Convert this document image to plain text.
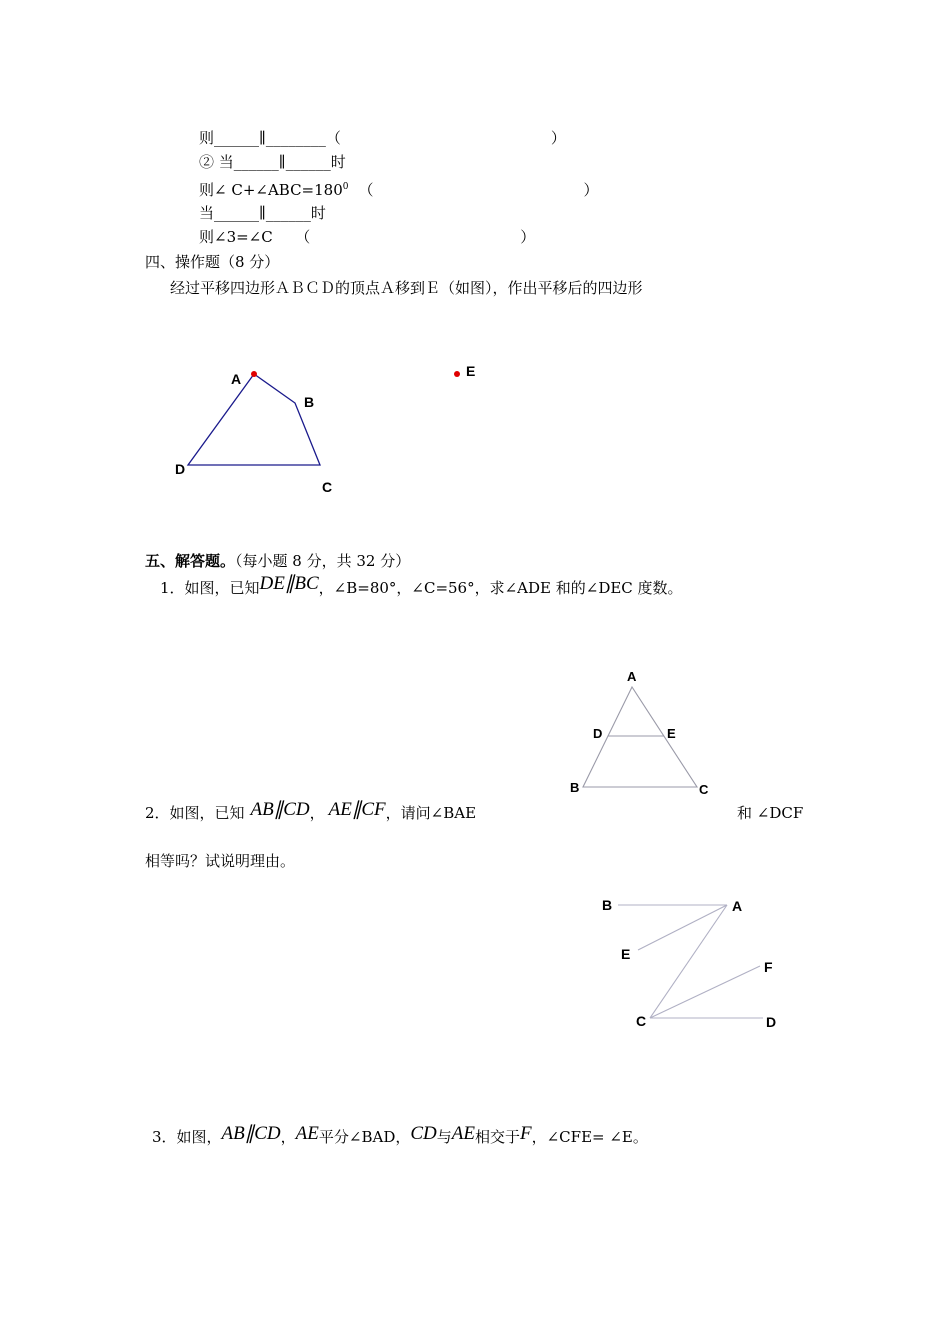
则______∥________（　　　　　　　　　　　　　　）
② 当______∥______时
则∠ $C+\angle ABC=180^0$ （　　　　　　　　　　　　　　）
当______∥______时
则∠3=∠C　　（　　　　　　　　　　　　　　）
四、操作题（8 分）
经过平移四边形ＡＢＣＤ的顶点Ａ移到Ｅ（如图），作出平移后的四边形
A
B
C
D
E
五、解答题。（每小题 8 分，共 32 分）
1．如图，已知DE∥BC，∠B=80°，∠C=56°，求∠ADE 和的∠DEC 度数。
A
D	E
B	C
2．如图，已知 AB∥CD， AE∥CF，请问∠BAE	和 ∠DCF
相等吗？试说明理由。
B	A
E
F
C	D
3．如图，AB∥CD，AE平分∠BAD，CD与AE相交于F，∠CFE= ∠E。
